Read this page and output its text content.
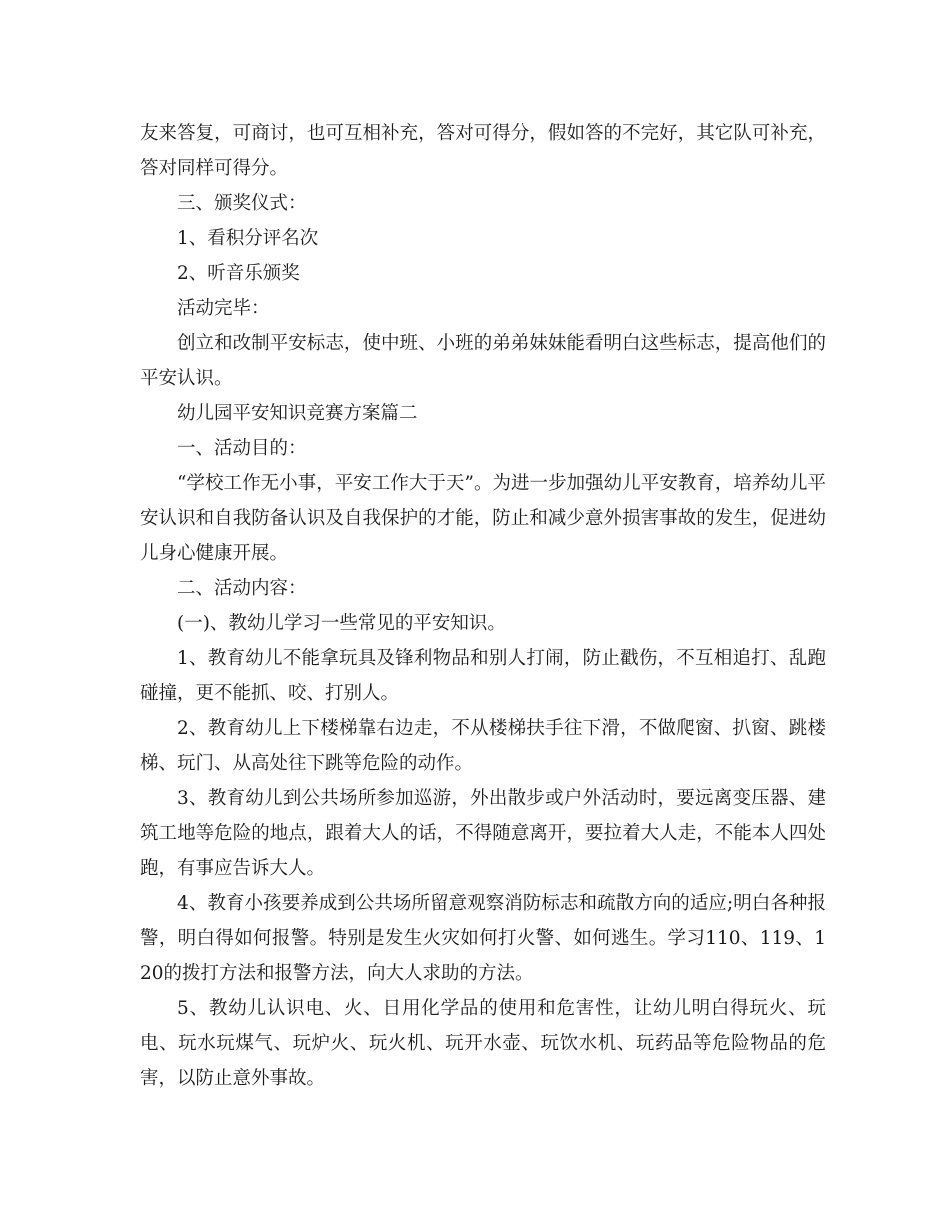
友来答复，可商讨，也可互相补充，答对可得分，假如答的不完好，其它队可补充，答对同样可得分。

三、颁奖仪式：

1、看积分评名次

2、听音乐颁奖

活动完毕：

创立和改制平安标志，使中班、小班的弟弟妹妹能看明白这些标志，提高他们的平安认识。

幼儿园平安知识竞赛方案篇二

一、活动目的：

“学校工作无小事，平安工作大于天”。为进一步加强幼儿平安教育，培养幼儿平安认识和自我防备认识及自我保护的才能，防止和减少意外损害事故的发生，促进幼儿身心健康开展。

二、活动内容：

(一)、教幼儿学习一些常见的平安知识。

1、教育幼儿不能拿玩具及锋利物品和别人打闹，防止戳伤，不互相追打、乱跑碰撞，更不能抓、咬、打别人。

2、教育幼儿上下楼梯靠右边走，不从楼梯扶手往下滑，不做爬窗、扒窗、跳楼梯、玩门、从高处往下跳等危险的动作。

3、教育幼儿到公共场所参加巡游，外出散步或户外活动时，要远离变压器、建筑工地等危险的地点，跟着大人的话，不得随意离开，要拉着大人走，不能本人四处跑，有事应告诉大人。

4、教育小孩要养成到公共场所留意观察消防标志和疏散方向的适应;明白各种报警，明白得如何报警。特别是发生火灾如何打火警、如何逃生。学习110、119、120的拨打方法和报警方法，向大人求助的方法。

5、教幼儿认识电、火、日用化学品的使用和危害性，让幼儿明白得玩火、玩电、玩水玩煤气、玩炉火、玩火机、玩开水壶、玩饮水机、玩药品等危险物品的危害，以防止意外事故。
